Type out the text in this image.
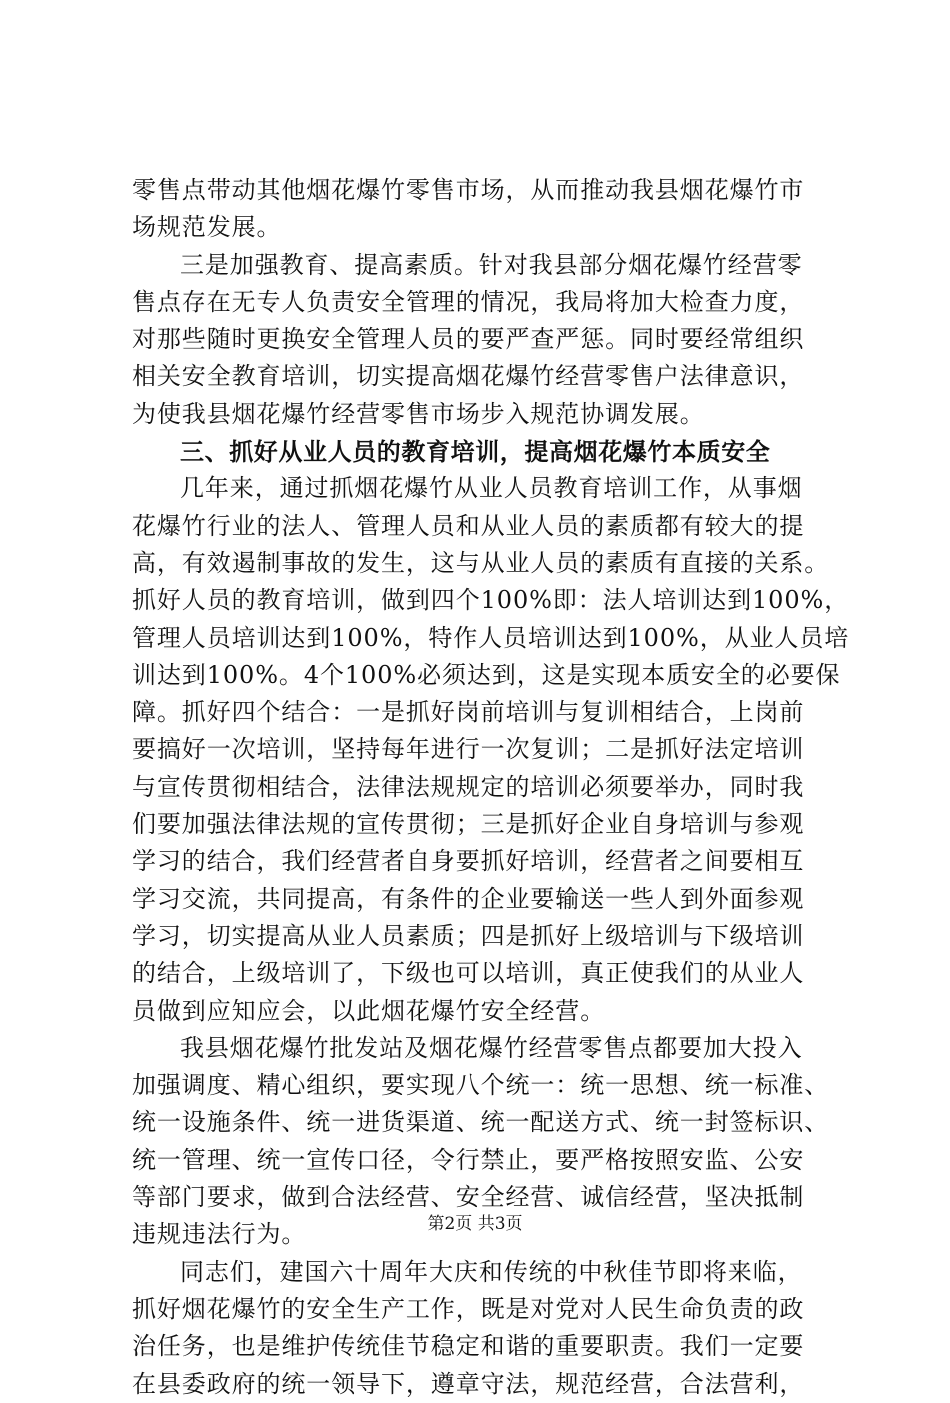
零售点带动其他烟花爆竹零售市场，从而推动我县烟花爆竹市
场规范发展。
三是加强教育、提高素质。针对我县部分烟花爆竹经营零
售点存在无专人负责安全管理的情况，我局将加大检查力度，
对那些随时更换安全管理人员的要严查严惩。同时要经常组织
相关安全教育培训，切实提高烟花爆竹经营零售户法律意识，
为使我县烟花爆竹经营零售市场步入规范协调发展。
三、抓好从业人员的教育培训，提高烟花爆竹本质安全
几年来，通过抓烟花爆竹从业人员教育培训工作，从事烟
花爆竹行业的法人、管理人员和从业人员的素质都有较大的提
高，有效遏制事故的发生，这与从业人员的素质有直接的关系。
抓好人员的教育培训，做到四个100%即：法人培训达到100%，
管理人员培训达到100%，特作人员培训达到100%，从业人员培
训达到100%。4个100%必须达到，这是实现本质安全的必要保
障。抓好四个结合：一是抓好岗前培训与复训相结合，上岗前
要搞好一次培训，坚持每年进行一次复训；二是抓好法定培训
与宣传贯彻相结合，法律法规规定的培训必须要举办，同时我
们要加强法律法规的宣传贯彻；三是抓好企业自身培训与参观
学习的结合，我们经营者自身要抓好培训，经营者之间要相互
学习交流，共同提高，有条件的企业要输送一些人到外面参观
学习，切实提高从业人员素质；四是抓好上级培训与下级培训
的结合，上级培训了，下级也可以培训，真正使我们的从业人
员做到应知应会，以此烟花爆竹安全经营。
我县烟花爆竹批发站及烟花爆竹经营零售点都要加大投入
加强调度、精心组织，要实现八个统一：统一思想、统一标准、
统一设施条件、统一进货渠道、统一配送方式、统一封签标识、
统一管理、统一宣传口径，令行禁止，要严格按照安监、公安
等部门要求，做到合法经营、安全经营、诚信经营，坚决抵制
违规违法行为。
同志们，建国六十周年大庆和传统的中秋佳节即将来临，
抓好烟花爆竹的安全生产工作，既是对党对人民生命负责的政
治任务，也是维护传统佳节稳定和谐的重要职责。我们一定要
在县委政府的统一领导下，遵章守法，规范经营，合法营利，
第2页 共3页
